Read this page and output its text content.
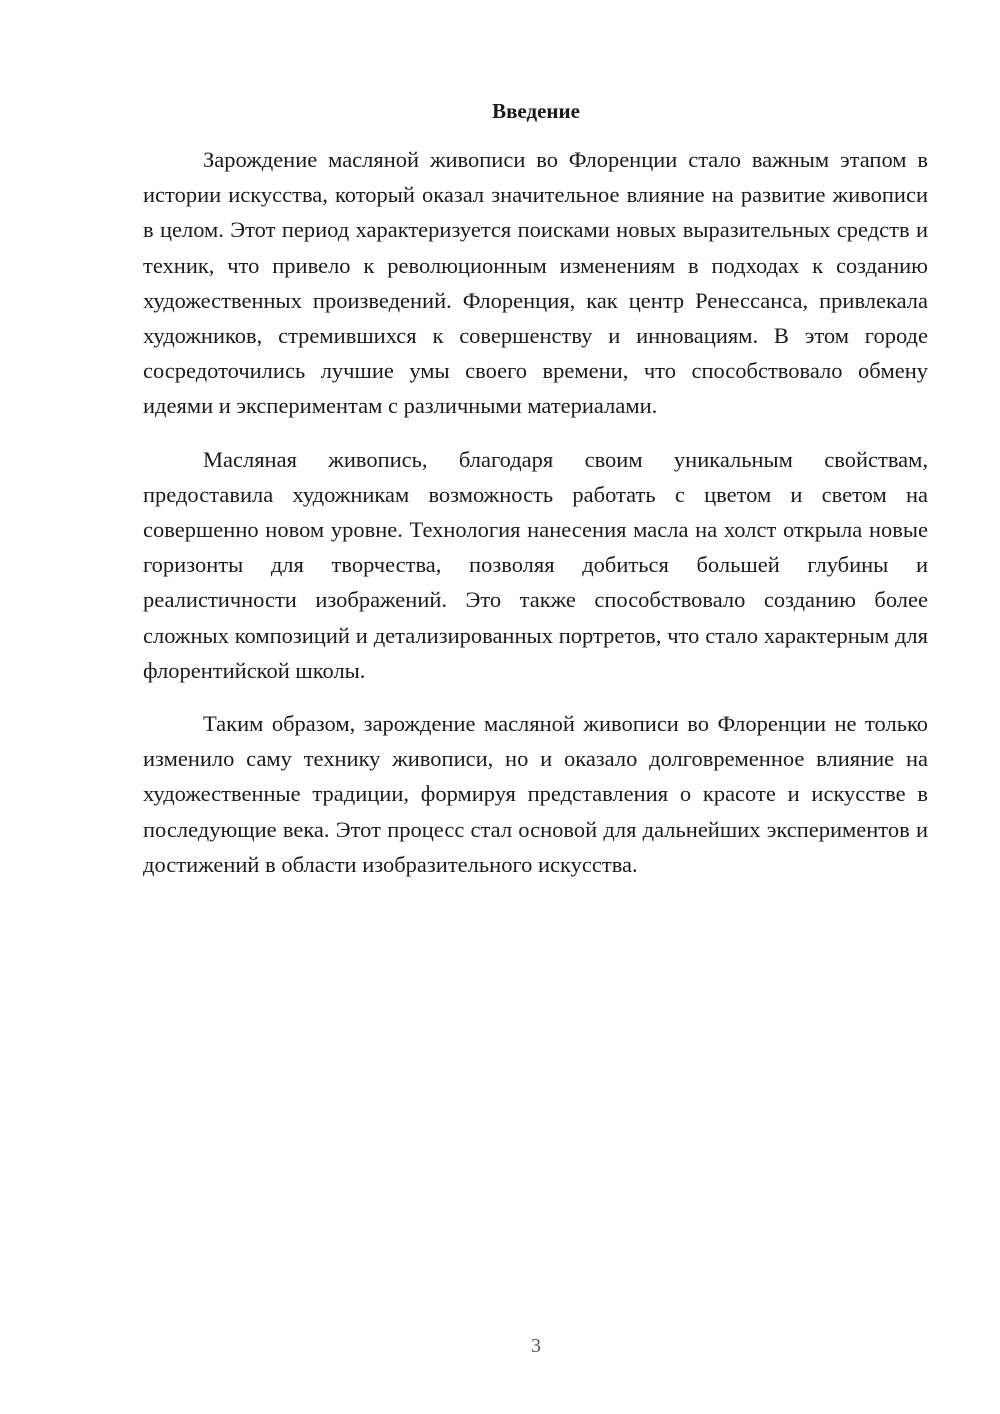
Введение

Зарождение масляной живописи во Флоренции стало важным этапом в истории искусства, который оказал значительное влияние на развитие живописи в целом. Этот период характеризуется поисками новых выразительных средств и техник, что привело к революционным изменениям в подходах к созданию художественных произведений. Флоренция, как центр Ренессанса, привлекала художников, стремившихся к совершенству и инновациям. В этом городе сосредоточились лучшие умы своего времени, что способствовало обмену идеями и экспериментам с различными материалами.

Масляная живопись, благодаря своим уникальным свойствам, предоставила художникам возможность работать с цветом и светом на совершенно новом уровне. Технология нанесения масла на холст открыла новые горизонты для творчества, позволяя добиться большей глубины и реалистичности изображений. Это также способствовало созданию более сложных композиций и детализированных портретов, что стало характерным для флорентийской школы.

Таким образом, зарождение масляной живописи во Флоренции не только изменило саму технику живописи, но и оказало долговременное влияние на художественные традиции, формируя представления о красоте и искусстве в последующие века. Этот процесс стал основой для дальнейших экспериментов и достижений в области изобразительного искусства.

3
